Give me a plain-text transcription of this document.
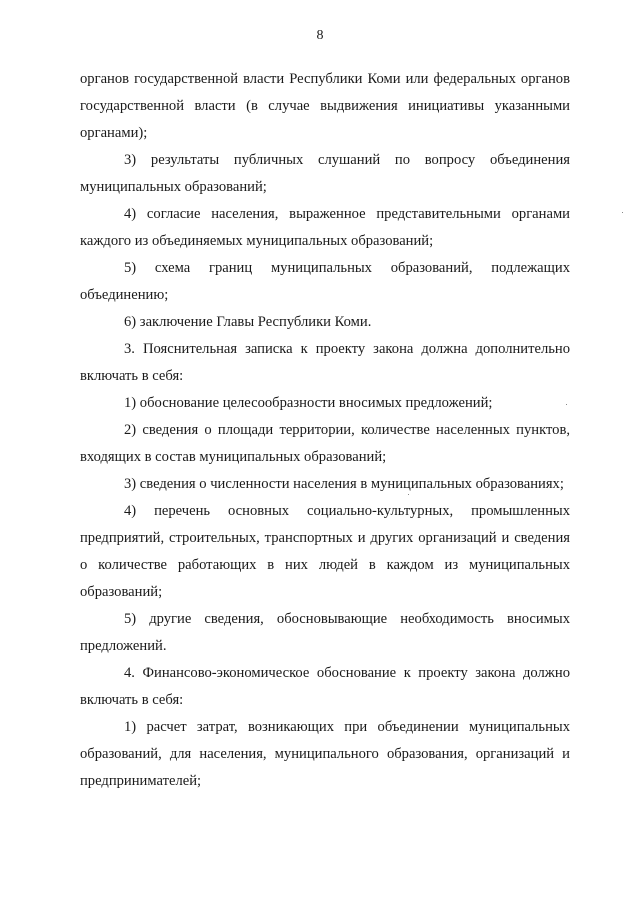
8

органов государственной власти Республики Коми или федеральных органов государственной власти (в случае выдвижения инициативы указанными органами);

3) результаты публичных слушаний по вопросу объединения муниципальных образований;

4) согласие населения, выраженное представительными органами каждого из объединяемых муниципальных образований;

5) схема границ муниципальных образований, подлежащих объединению;

6) заключение Главы Республики Коми.

3. Пояснительная записка к проекту закона должна дополнительно включать в себя:

1) обоснование целесообразности вносимых предложений;

2) сведения о площади территории, количестве населенных пунктов, входящих в состав муниципальных образований;

3) сведения о численности населения в муниципальных образованиях;

4) перечень основных социально-культурных, промышленных предприятий, строительных, транспортных и других организаций и сведения о количестве работающих в них людей в каждом из муниципальных образований;

5) другие сведения, обосновывающие необходимость вносимых предложений.

4. Финансово-экономическое обоснование к проекту закона должно включать в себя:

1) расчет затрат, возникающих при объединении муниципальных образований, для населения, муниципального образования, организаций и предпринимателей;
